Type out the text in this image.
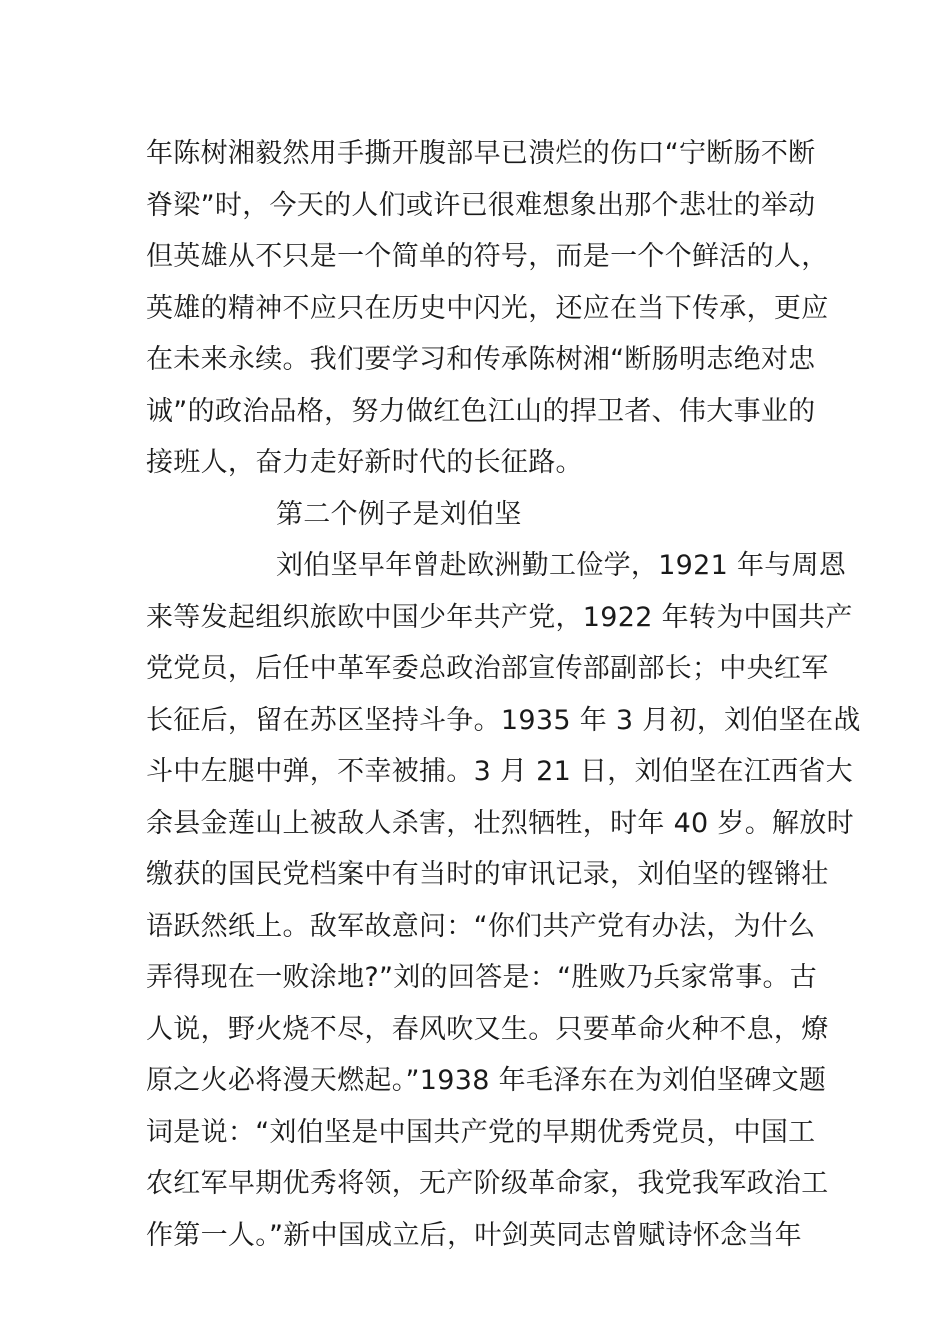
年陈树湘毅然用手撕开腹部早已溃烂的伤口“宁断肠不断
脊梁”时，今天的人们或许已很难想象出那个悲壮的举动
但英雄从不只是一个简单的符号，而是一个个鲜活的人，
英雄的精神不应只在历史中闪光，还应在当下传承，更应
在未来永续。我们要学习和传承陈树湘“断肠明志绝对忠
诚”的政治品格，努力做红色江山的捍卫者、伟大事业的
接班人，奋力走好新时代的长征路。
第二个例子是刘伯坚
刘伯坚早年曾赴欧洲勤工俭学，1921 年与周恩
来等发起组织旅欧中国少年共产党，1922 年转为中国共产
党党员，后任中革军委总政治部宣传部副部长；中央红军
长征后，留在苏区坚持斗争。1935 年 3 月初，刘伯坚在战
斗中左腿中弹，不幸被捕。3 月 21 日，刘伯坚在江西省大
余县金莲山上被敌人杀害，壮烈牺牲，时年 40 岁。解放时
缴获的国民党档案中有当时的审讯记录，刘伯坚的铿锵壮
语跃然纸上。敌军故意问：“你们共产党有办法，为什么
弄得现在一败涂地?”刘的回答是：“胜败乃兵家常事。古
人说，野火烧不尽，春风吹又生。只要革命火种不息，燎
原之火必将漫天燃起。”1938 年毛泽东在为刘伯坚碑文题
词是说：“刘伯坚是中国共产党的早期优秀党员，中国工
农红军早期优秀将领，无产阶级革命家，我党我军政治工
作第一人。”新中国成立后，叶剑英同志曾赋诗怀念当年
